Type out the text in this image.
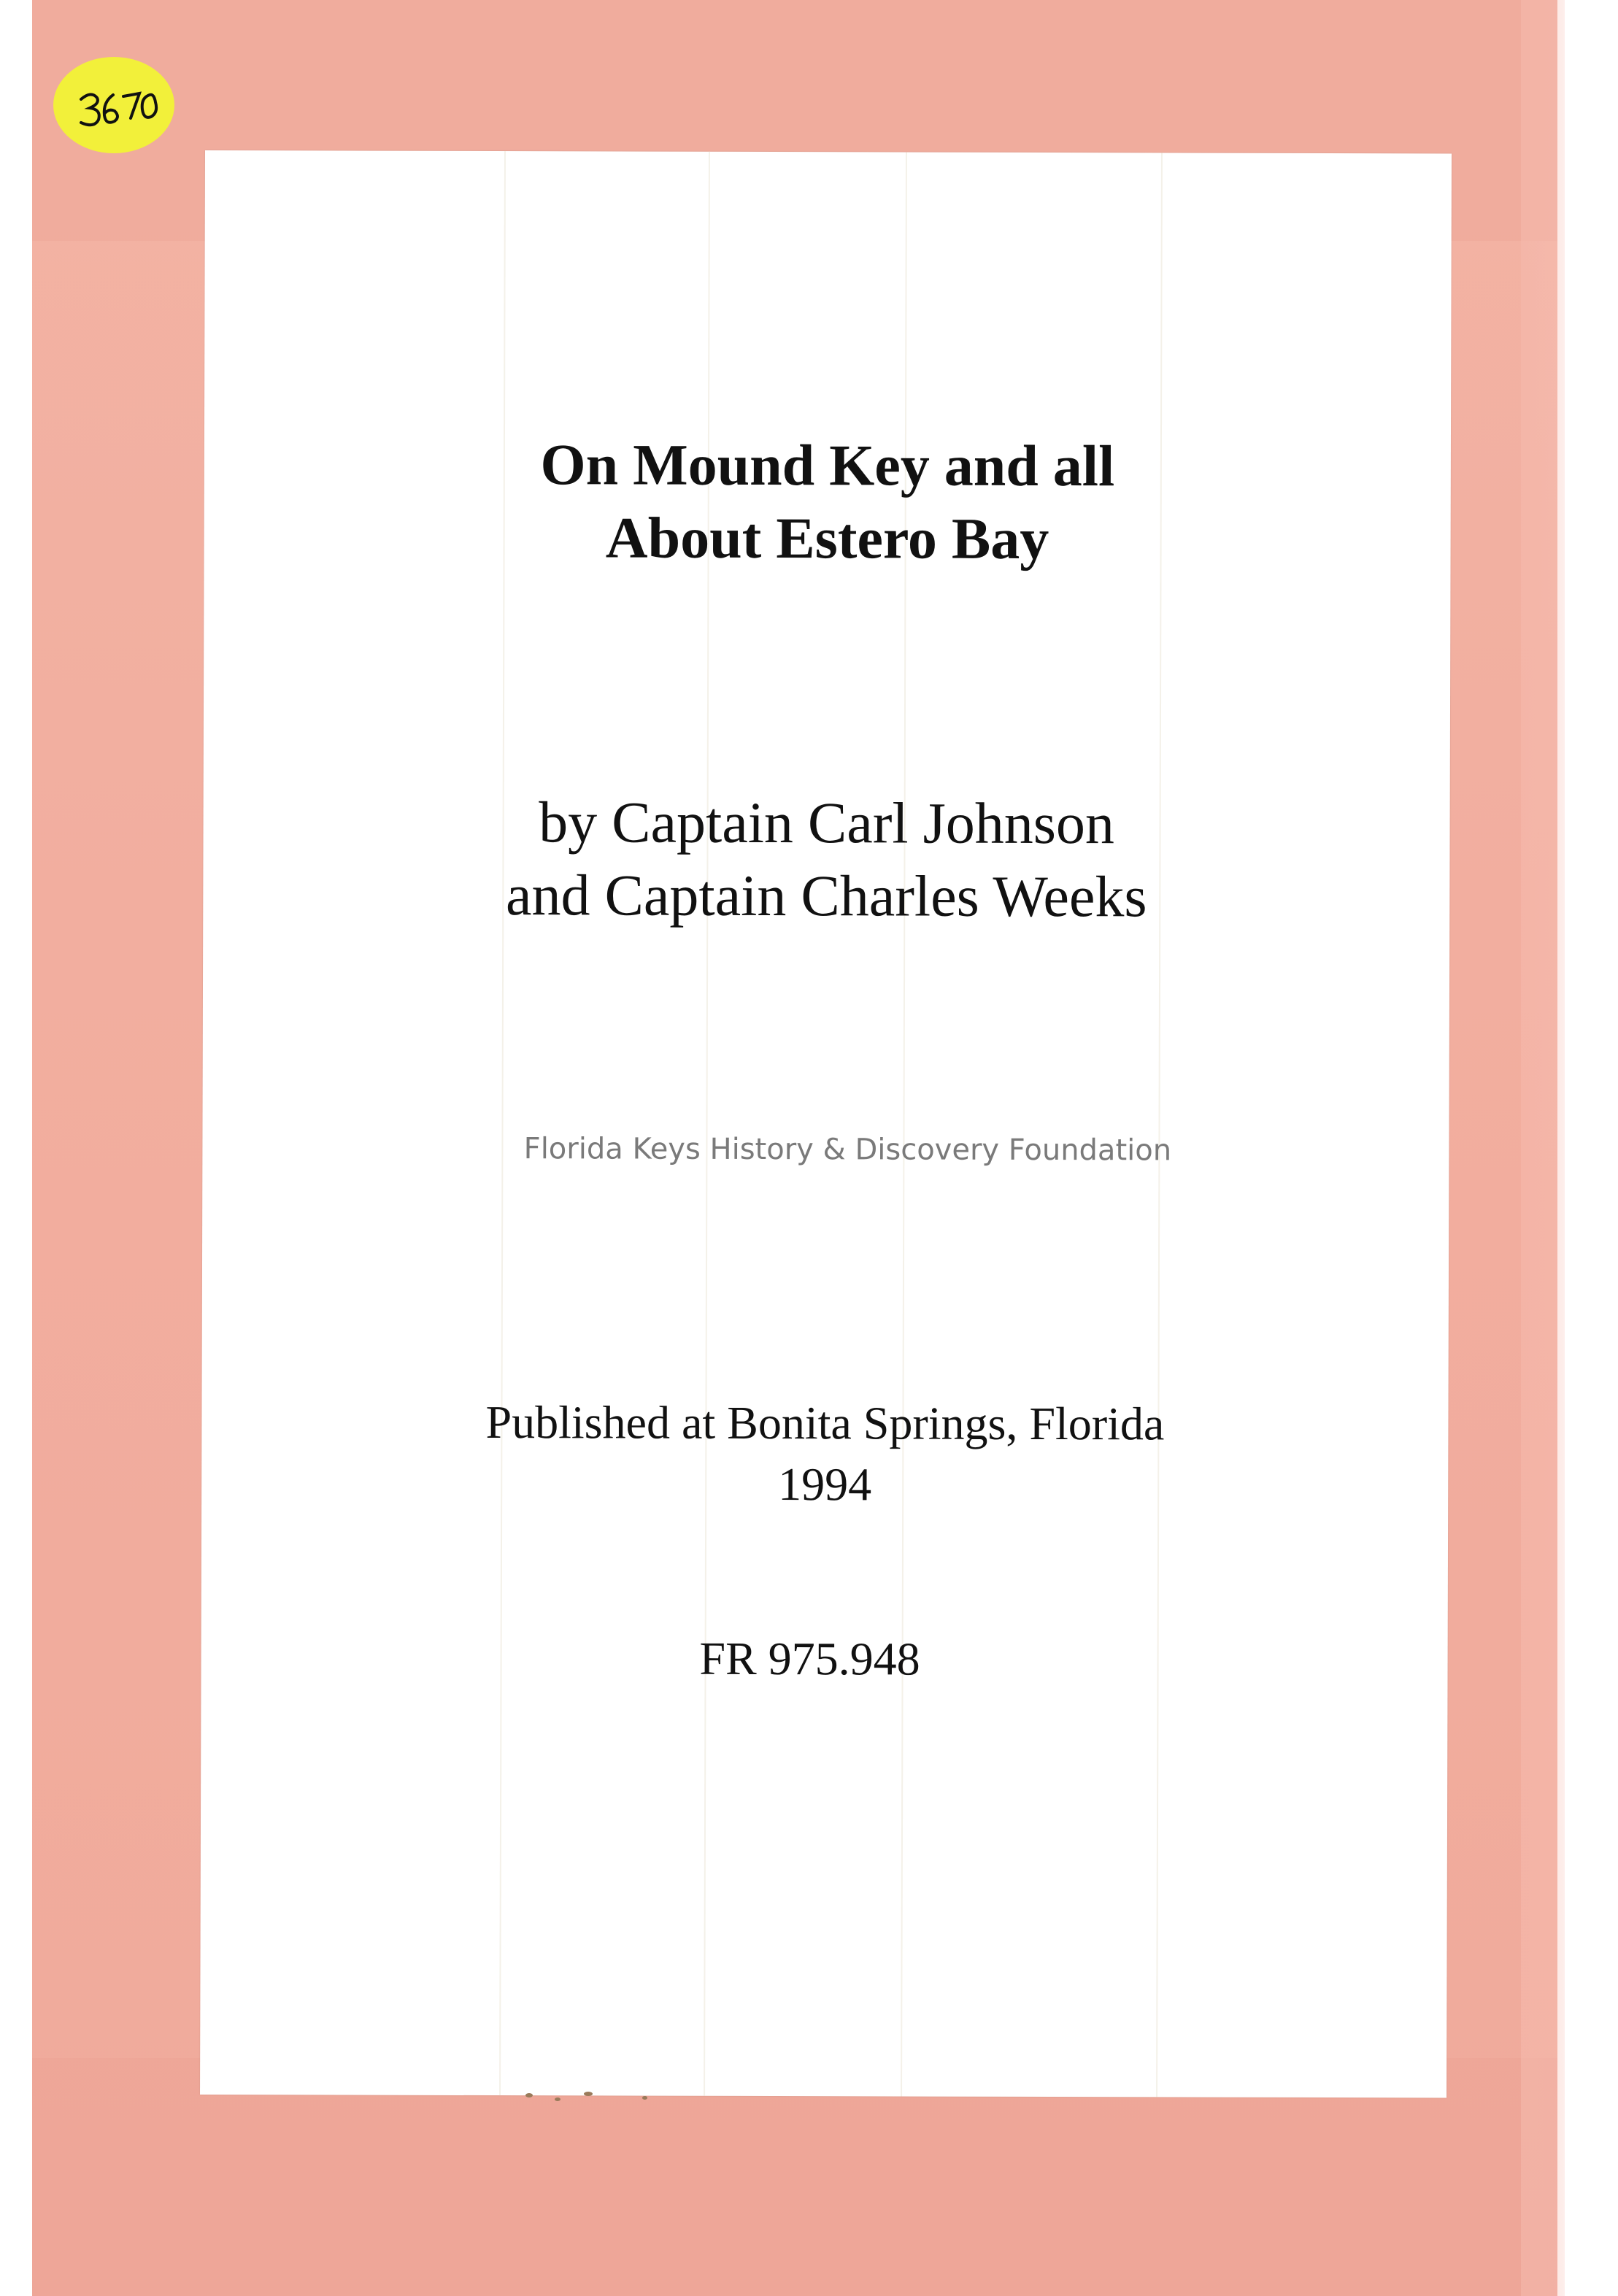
On Mound Key and all
About Estero Bay
by Captain Carl Johnson
and Captain Charles Weeks
Florida Keys History & Discovery Foundation
Published at Bonita Springs, Florida
1994
FR 975.948
